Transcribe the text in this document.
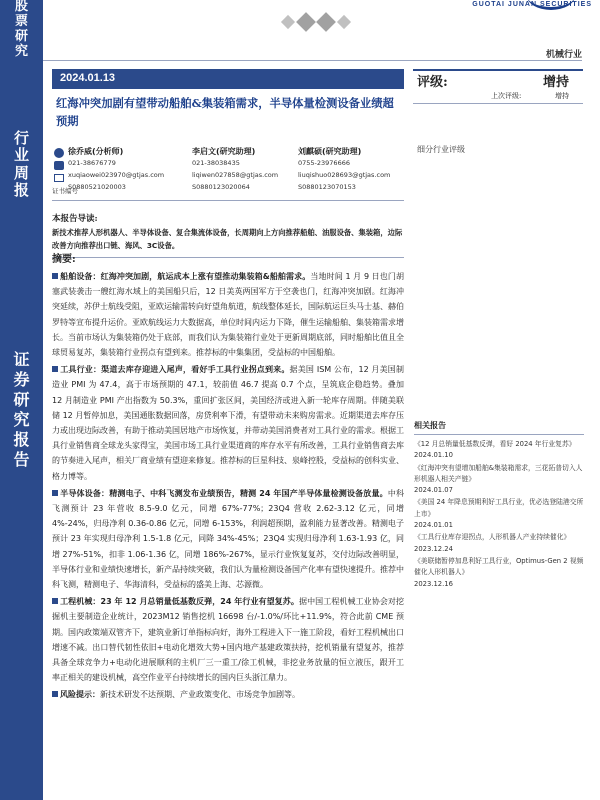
股
票
研
究
行
业
周
报
证
券
研
究
报
告
GUOTAI JUNAN SECURITIES
机械行业
2024.01.13
红海冲突加剧有望带动船舶&集装箱需求，半导体量检测设备业绩超预期
评级:	增持
上次评级:	增持
细分行业评级
徐乔威(分析师)
021-38676779
xuqiaowei023970@gtjas.com
S0880521020003
李启文(研究助理)
021-38038435
liqiwen027858@gtjas.com
S0880123020064
刘麒硕(研究助理)
0755-23976666
liuqishuo028693@gtjas.com
S0880123070153
证书编号
本报告导读:
新技术推荐人形机器人、半导体设备、复合集流体设备，长周期向上方向推荐船舶、油服设备、集装箱，边际改善方向推荐出口链、海风、3C设备。
摘要:

船舶设备：红海冲突加剧，航运成本上涨有望推动集装箱&船舶需求。当地时间 1 月 9 日也门胡塞武装袭击一艘红海水域上的美国船只后，12 日美英两国军方于空袭也门，红海冲突加剧。红海冲突延续，苏伊士航线受阻，亚欧运输需转向好望角航道，航线整体延长，国际航运巨头马士基、赫伯罗特等宣布提升运价。亚欧航线运力大数据高，单位时间内运力下降，催生运输船舶、集装箱需求增长。当前市场认为集装箱仍处于底部，而我们认为集装箱行业处于更新周期底部，同时船舶比值且全球贸易复苏，集装箱行业拐点有望到来。推荐标的中集集团，受益标的中国船舶。

工具行业：渠道去库存迎进入尾声，看好手工具行业拐点到来。据美国 ISM 公布，12 月美国制造业 PMI 为 47.4，高于市场预期的 47.1，较前值 46.7 提高 0.7 个点，呈筑底企稳趋势。叠加 12 月制造业 PMI 产出指数为 50.3%，重回扩张区间，美国经济或进入新一轮库存周期。伴随美联储 12 月暂停加息，美国通胀数据回落，房贷利率下滑，有望带动未来购房需求。近期渠道去库存压力或出现边际改善，有助于推动美国居地产市场恢复，并带动美国消费者对工具行业的需求。根据工具行业销售商全球龙头家得宝，美国市场工具行业渠道商的库存水平有所改善，工具行业销售商去库的节奏进入尾声，相关厂商业绩有望迎来修复。推荐标的巨星科技、泉峰控股，受益标的创科实业、格力博等。

半导体设备：精测电子、中科飞测发布业绩预告，精测 24 年国产半导体量检测设备放量。中科飞测预计 23 年营收 8.5-9.0 亿元，同增 67%-77%；23Q4 营收 2.62-3.12 亿元，同增 4%-24%，归母净利 0.36-0.86 亿元，同增 6-153%，利润超预期，盈利能力显著改善。精测电子预计 23 年实现归母净利 1.5-1.8 亿元，同降 34%-45%；23Q4 实现归母净利 1.63-1.93 亿，同增 27%-51%，扣非 1.06-1.36 亿，同增 186%-267%，显示行业恢复复苏，交付边际改善明显，半导体行业和业绩快速增长，新产品持续突破，我们认为量检测设备国产化率有望快速提升。推荐中科飞测，精测电子、华海清科，受益标的盛美上海、芯源微。

工程机械：23 年 12 月总销量低基数反弹，24 年行业有望复苏。据中国工程机械工业协会对挖掘机主要制造企业统计，2023M12 销售挖机 16698 台/-1.0%/环比+11.9%，符合此前 CME 预期。国内政策端双管齐下，建筑业新订单指标向好，海外工程进入下一施工阶段，看好工程机械出口增速不减。出口替代韧性依旧+电动化增效大势+国内地产基建政策扶持，挖机销量有望复苏，推荐具备全球竞争力+电动化进展顺利的主机厂三一重工/徐工机械，非挖业务放量的恒立液压，跟开工率正相关的建设机械，高空作业平台持续增长的国内巨头浙江鼎力。

风险提示：新技术研发不达预期、产业政策变化、市场竞争加剧等。

相关报告
《12 月总销量低基数反弹，看好 2024 年行业复苏》
2024.01.10
《红海冲突有望增加船舶&集装箱需求，三花拓普切入人形机器人相关产链》
2024.01.07
《美国 24 年降息预期利好工具行业，优必选登陆港交所上市》
2024.01.01
《工具行业库存迎拐点，人形机器人产业持续催化》
2023.12.24
《美联储暂停加息利好工具行业，Optimus-Gen 2 视频催化人形机器人》
2023.12.16
